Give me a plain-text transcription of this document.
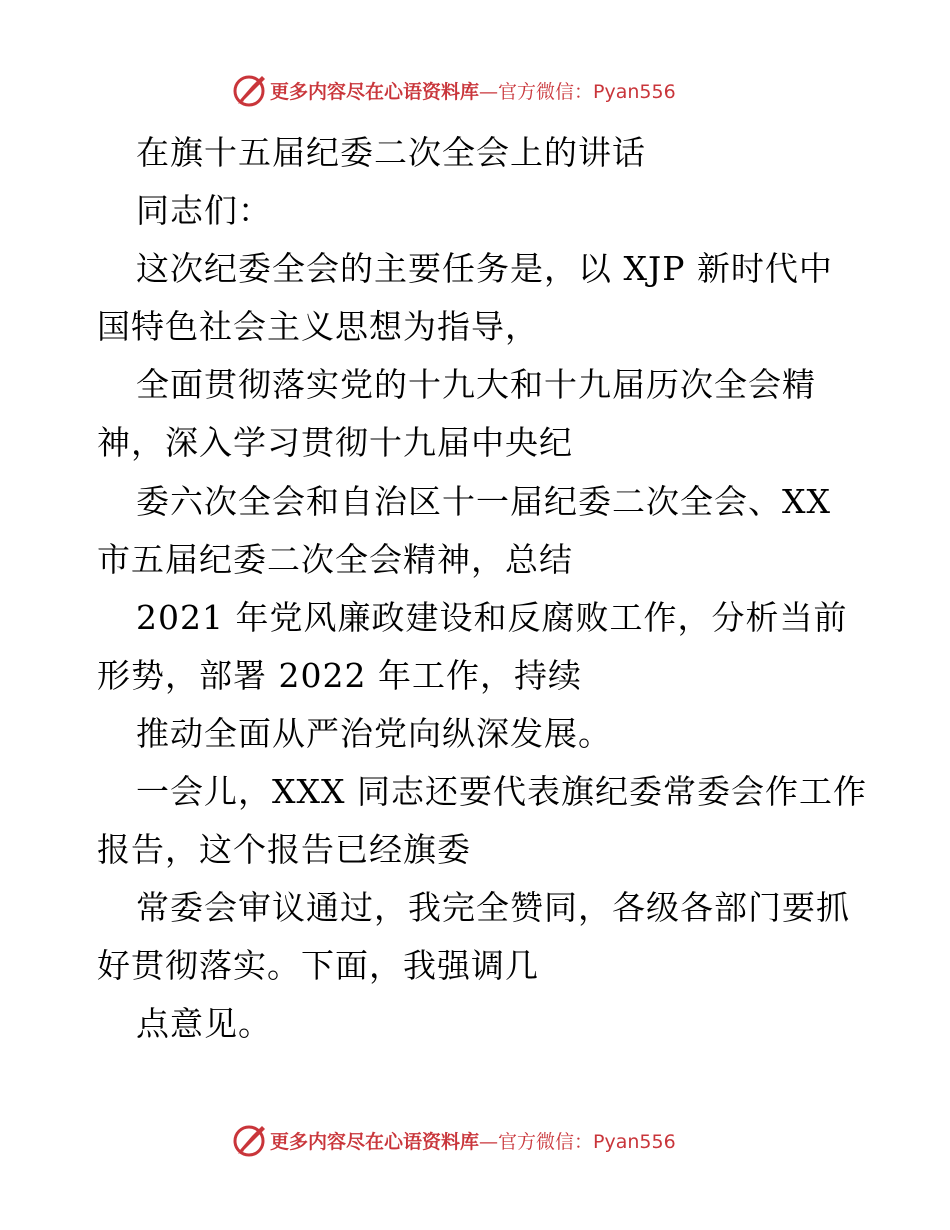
更多内容尽在心语资料库—官方微信：Pyan556
在旗十五届纪委二次全会上的讲话
同志们：
这次纪委全会的主要任务是，以 XJP 新时代中
国特色社会主义思想为指导，
全面贯彻落实党的十九大和十九届历次全会精
神，深入学习贯彻十九届中央纪
委六次全会和自治区十一届纪委二次全会、XX
市五届纪委二次全会精神，总结
2021 年党风廉政建设和反腐败工作，分析当前
形势，部署 2022 年工作，持续
推动全面从严治党向纵深发展。
一会儿，XXX 同志还要代表旗纪委常委会作工作
报告，这个报告已经旗委
常委会审议通过，我完全赞同，各级各部门要抓
好贯彻落实。下面，我强调几
点意见。
更多内容尽在心语资料库—官方微信：Pyan556
